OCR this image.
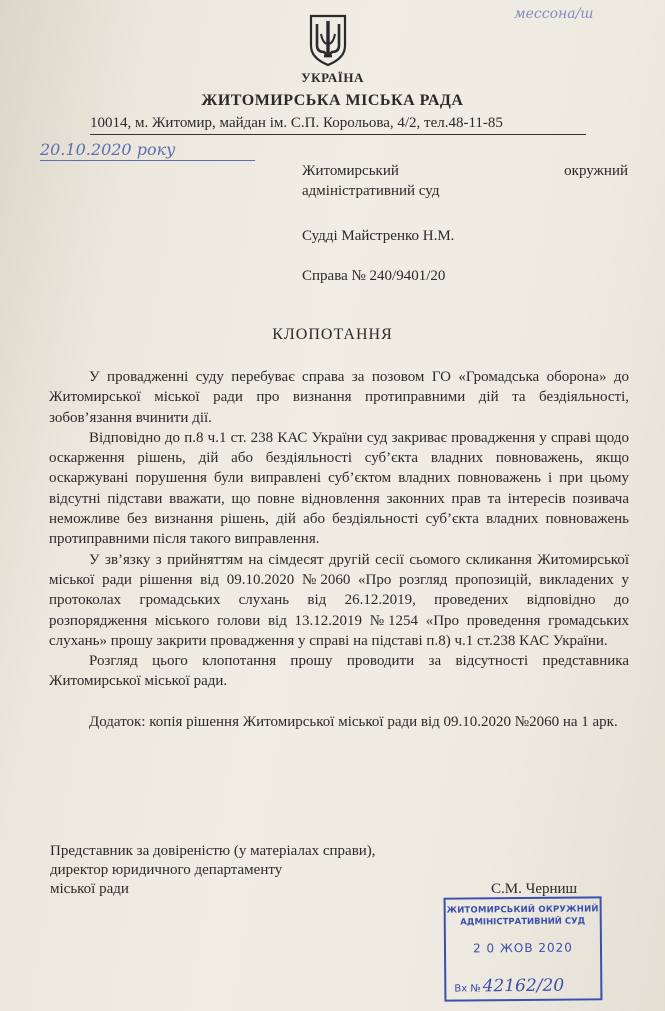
мессона/ш
УКРАЇНА
ЖИТОМИРСЬКА МІСЬКА РАДА
10014, м. Житомир, майдан ім. С.П. Корольова, 4/2, тел.48-11-85
20.10.2020 року
Житомирський	окружний
адміністративний суд
Судді Майстренко Н.М.
Справа № 240/9401/20
КЛОПОТАННЯ

У провадженні суду перебуває справа за позовом ГО «Громадська оборона» до Житомирської міської ради про визнання протиправними дій та бездіяльності, зобов’язання вчинити дії.

Відповідно до п.8 ч.1 ст. 238 КАС України суд закриває провадження у справі щодо оскарження рішень, дій або бездіяльності суб’єкта владних повноважень, якщо оскаржувані порушення були виправлені суб’єктом владних повноважень і при цьому відсутні підстави вважати, що повне відновлення законних прав та інтересів позивача неможливе без визнання рішень, дій або бездіяльності суб’єкта владних повноважень протиправними після такого виправлення.

У зв’язку з прийняттям на сімдесят другій сесії сьомого скликання Житомирської міської ради рішення від 09.10.2020 №2060 «Про розгляд пропозицій, викладених у протоколах громадських слухань від 26.12.2019, проведених відповідно до розпорядження міського голови від 13.12.2019 №1254 «Про проведення громадських слухань» прошу закрити провадження у справі на підставі п.8) ч.1 ст.238 КАС України.

Розгляд цього клопотання прошу проводити за відсутності представника Житомирської міської ради.

Додаток: копія рішення Житомирської міської ради від 09.10.2020 №2060 на 1 арк.

Представник за довіреністю (у матеріалах справи),
директор юридичного департаменту
міської ради	С.М. Черниш
ЖИТОМИРСЬКИЙ ОКРУЖНИЙ
АДМІНІСТРАТИВНИЙ СУД
2 0 ЖОВ 2020
Вх № 42162/20
